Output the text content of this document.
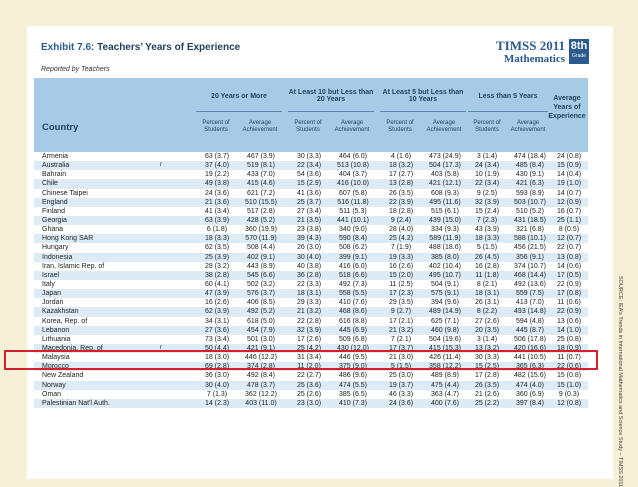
Exhibit 7.6: Teachers’ Years of Experience
Reported by Teachers
TIMSS 2011
Mathematics
8th
Grade
SOURCE: IEA’s Trends in International Mathematics and Science Study – TIMSS 2011
Country
20 Years or More	At Least 10 but Less than 20 Years
At Least 5 but Less than 10 Years	Less than 5 Years
Percent of Students
Average Achievement
Percent of Students
Average Achievement
Percent of Students
Average Achievement
Percent of Students
Average Achievement
Average Years of Experience
Armenia	63 (3.7)	467 (3.9)	30 (3.3)	464 (6.0)	4 (1.6)	473 (24.9)	3 (1.4)	474 (18.4)	24 (0.8)
Australia	r	37 (4.0)	519 (8.1)	22 (3.4)	513 (10.8)	18 (3.2)	504 (17.3)	24 (3.4)	485 (8.4)	15 (0.9)
Bahrain	19 (2.2)	433 (7.0)	54 (3.6)	404 (3.7)	17 (2.7)	403 (5.8)	10 (1.9)	430 (9.1)	14 (0.4)
Chile	49 (3.8)	415 (4.6)	15 (2.9)	416 (10.0)	13 (2.8)	421 (12.1)	22 (3.4)	421 (6.3)	19 (1.0)
Chinese Taipei	24 (3.6)	621 (7.2)	41 (3.6)	607 (5.8)	26 (3.5)	608 (9.3)	9 (2.5)	593 (8.9)	14 (0.7)
England	21 (3.6)	510 (15.5)	25 (3.7)	516 (11.8)	22 (3.9)	495 (11.6)	32 (3.9)	503 (10.7)	12 (0.9)
Finland	41 (3.4)	517 (2.8)	27 (3.4)	511 (5.3)	18 (2.8)	515 (6.1)	15 (2.4)	510 (5.2)	16 (0.7)
Georgia	63 (3.9)	428 (5.2)	21 (3.5)	441 (10.1)	9 (2.4)	439 (15.0)	7 (2.3)	431 (18.5)	25 (1.1)
Ghana	6 (1.8)	360 (19.9)	23 (3.8)	340 (9.0)	28 (4.0)	334 (9.3)	43 (3.9)	321 (6.8)	8 (0.5)
Hong Kong SAR	18 (3.3)	570 (11.9)	39 (4.3)	590 (8.4)	25 (4.2)	589 (11.9)	18 (3.3)	588 (10.1)	12 (0.7)
Hungary	62 (3.5)	508 (4.4)	26 (3.0)	508 (6.2)	7 (1.9)	488 (18.6)	5 (1.5)	456 (21.5)	22 (0.7)
Indonesia	25 (3.9)	402 (9.1)	30 (4.0)	399 (9.1)	19 (3.3)	385 (8.0)	26 (4.5)	356 (9.1)	13 (0.8)
Iran, Islamic Rep. of	28 (3.2)	443 (8.9)	40 (3.8)	416 (6.0)	16 (2.6)	402 (10.4)	16 (2.8)	374 (10.7)	14 (0.6)
Israel	38 (2.8)	545 (6.6)	36 (2.8)	518 (6.6)	15 (2.0)	495 (10.7)	11 (1.8)	468 (14.4)	17 (0.5)
Italy	60 (4.1)	502 (3.2)	22 (3.3)	492 (7.3)	11 (2.5)	504 (9.1)	8 (2.1)	492 (13.6)	22 (0.9)
Japan	47 (3.9)	576 (3.7)	18 (3.1)	558 (5.5)	17 (2.3)	575 (9.1)	18 (3.1)	559 (7.5)	17 (0.8)
Jordan	16 (2.6)	406 (8.5)	29 (3.3)	410 (7.6)	29 (3.5)	394 (9.6)	26 (3.1)	413 (7.0)	11 (0.6)
Kazakhstan	62 (3.9)	492 (5.2)	21 (3.2)	468 (8.6)	9 (2.7)	489 (14.9)	8 (2.2)	493 (14.8)	22 (0.9)
Korea, Rep. of	34 (3.1)	618 (5.0)	22 (2.8)	616 (8.8)	17 (2.1)	625 (7.1)	27 (2.6)	594 (4.8)	13 (0.6)
Lebanon	27 (3.6)	454 (7.9)	32 (3.9)	445 (6.9)	21 (3.2)	460 (9.8)	20 (3.5)	445 (8.7)	14 (1.0)
Lithuania	73 (3.4)	501 (3.0)	17 (2.6)	509 (6.8)	7 (2.1)	504 (19.6)	3 (1.4)	506 (17.8)	25 (0.8)
Macedonia, Rep. of	r	50 (4.4)	421 (9.1)	25 (4.2)	430 (12.0)	17 (3.7)	415 (15.3)	13 (3.2)	420 (16.6)	18 (0.9)
Malaysia	18 (3.0)	446 (12.2)	31 (3.4)	446 (9.5)	21 (3.0)	426 (11.4)	30 (3.3)	441 (10.5)	11 (0.7)
Morocco	69 (2.8)	374 (2.8)	11 (2.0)	375 (9.0)	5 (1.5)	358 (12.2)	15 (2.5)	365 (6.3)	22 (0.6)
New Zealand	36 (3.0)	492 (8.4)	22 (2.7)	486 (9.6)	25 (3.0)	489 (8.9)	17 (2.8)	482 (15.6)	15 (0.8)
Norway	30 (4.0)	478 (3.7)	25 (3.6)	474 (5.5)	19 (3.7)	475 (4.4)	26 (3.5)	474 (4.0)	15 (1.0)
Oman	7 (1.3)	362 (12.2)	25 (2.6)	385 (6.5)	46 (3.3)	363 (4.7)	21 (2.6)	360 (6.9)	9 (0.3)
Palestinian Nat'l Auth.	14 (2.3)	403 (11.0)	23 (3.0)	410 (7.3)	24 (3.6)	400 (7.6)	25 (2.2)	397 (8.4)	12 (0.8)
